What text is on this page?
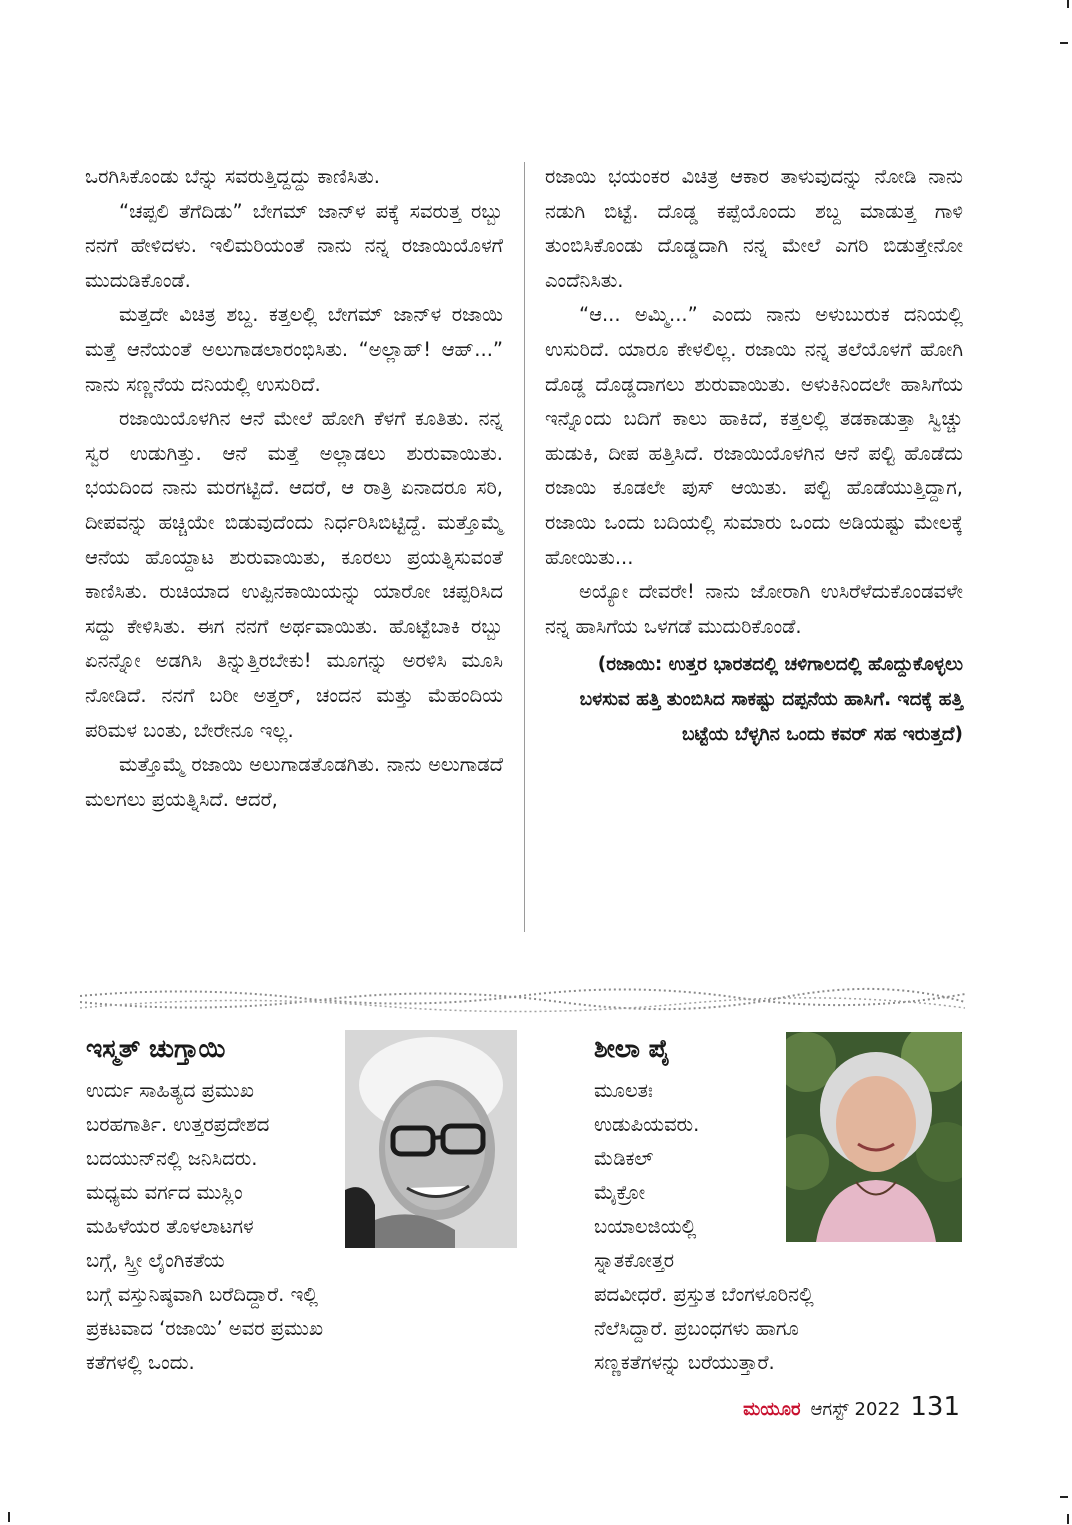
ಒರಗಿಸಿಕೊಂಡು ಬೆನ್ನು ಸವರುತ್ತಿದ್ದದ್ದು ಕಾಣಿಸಿತು.

“ಚಪ್ಪಲಿ ತೆಗೆದಿಡು” ಬೇಗಮ್ ಜಾನ್‌ಳ ಪಕ್ಕೆ ಸವರುತ್ತ ರಬ್ಬು ನನಗೆ ಹೇಳಿದಳು. ಇಲಿಮರಿಯಂತೆ ನಾನು ನನ್ನ ರಜಾಯಿಯೊಳಗೆ ಮುದುಡಿಕೊಂಡೆ.

ಮತ್ತದೇ ವಿಚಿತ್ರ ಶಬ್ದ. ಕತ್ತಲಲ್ಲಿ ಬೇಗಮ್ ಜಾನ್‌ಳ ರಜಾಯಿ ಮತ್ತೆ ಆನೆಯಂತೆ ಅಲುಗಾಡಲಾರಂಭಿಸಿತು. “ಅಲ್ಲಾಹ್! ಆಹ್...” ನಾನು ಸಣ್ಣನೆಯ ದನಿಯಲ್ಲಿ ಉಸುರಿದೆ.

ರಜಾಯಿಯೊಳಗಿನ ಆನೆ ಮೇಲೆ ಹೋಗಿ ಕೆಳಗೆ ಕೂತಿತು. ನನ್ನ ಸ್ವರ ಉಡುಗಿತ್ತು. ಆನೆ ಮತ್ತೆ ಅಲ್ಲಾಡಲು ಶುರುವಾಯಿತು. ಭಯದಿಂದ ನಾನು ಮರಗಟ್ಟಿದೆ. ಆದರೆ, ಆ ರಾತ್ರಿ ಏನಾದರೂ ಸರಿ, ದೀಪವನ್ನು ಹಚ್ಚಿಯೇ ಬಿಡುವುದೆಂದು ನಿರ್ಧರಿಸಿಬಿಟ್ಟಿದ್ದೆ. ಮತ್ತೊಮ್ಮೆ ಆನೆಯ ಹೊಯ್ದಾಟ ಶುರುವಾಯಿತು, ಕೂರಲು ಪ್ರಯತ್ನಿಸುವಂತೆ ಕಾಣಿಸಿತು. ರುಚಿಯಾದ ಉಪ್ಪಿನಕಾಯಿಯನ್ನು ಯಾರೋ ಚಪ್ಪರಿಸಿದ ಸದ್ದು ಕೇಳಿಸಿತು. ಈಗ ನನಗೆ ಅರ್ಥವಾಯಿತು. ಹೊಟ್ಟೆಬಾಕಿ ರಬ್ಬು ಏನನ್ನೋ ಅಡಗಿಸಿ ತಿನ್ನುತ್ತಿರಬೇಕು! ಮೂಗನ್ನು ಅರಳಿಸಿ ಮೂಸಿ ನೋಡಿದೆ. ನನಗೆ ಬರೀ ಅತ್ತರ್, ಚಂದನ ಮತ್ತು ಮೆಹಂದಿಯ ಪರಿಮಳ ಬಂತು, ಬೇರೇನೂ ಇಲ್ಲ.

ಮತ್ತೊಮ್ಮೆ ರಜಾಯಿ ಅಲುಗಾಡತೊಡಗಿತು. ನಾನು ಅಲುಗಾಡದೆ ಮಲಗಲು ಪ್ರಯತ್ನಿಸಿದೆ. ಆದರೆ,

ರಜಾಯಿ ಭಯಂಕರ ವಿಚಿತ್ರ ಆಕಾರ ತಾಳುವುದನ್ನು ನೋಡಿ ನಾನು ನಡುಗಿ ಬಿಟ್ಟೆ. ದೊಡ್ಡ ಕಪ್ಪೆಯೊಂದು ಶಬ್ದ ಮಾಡುತ್ತ ಗಾಳಿ ತುಂಬಿಸಿಕೊಂಡು ದೊಡ್ಡದಾಗಿ ನನ್ನ ಮೇಲೆ ಎಗರಿ ಬಿಡುತ್ತೇನೋ ಎಂದೆನಿಸಿತು.

“ಆ... ಅಮ್ಮಿ...” ಎಂದು ನಾನು ಅಳುಬುರುಕ ದನಿಯಲ್ಲಿ ಉಸುರಿದೆ. ಯಾರೂ ಕೇಳಲಿಲ್ಲ. ರಜಾಯಿ ನನ್ನ ತಲೆಯೊಳಗೆ ಹೋಗಿ ದೊಡ್ಡ ದೊಡ್ಡದಾಗಲು ಶುರುವಾಯಿತು. ಅಳುಕಿನಿಂದಲೇ ಹಾಸಿಗೆಯ ಇನ್ನೊಂದು ಬದಿಗೆ ಕಾಲು ಹಾಕಿದೆ, ಕತ್ತಲಲ್ಲಿ ತಡಕಾಡುತ್ತಾ ಸ್ವಿಚ್ಚು ಹುಡುಕಿ, ದೀಪ ಹತ್ತಿಸಿದೆ. ರಜಾಯಿಯೊಳಗಿನ ಆನೆ ಪಲ್ಟಿ ಹೊಡೆದು ರಜಾಯಿ ಕೂಡಲೇ ಪುಸ್ ಆಯಿತು. ಪಲ್ಟಿ ಹೊಡೆಯುತ್ತಿದ್ದಾಗ, ರಜಾಯಿ ಒಂದು ಬದಿಯಲ್ಲಿ ಸುಮಾರು ಒಂದು ಅಡಿಯಷ್ಟು ಮೇಲಕ್ಕೆ ಹೋಯಿತು...

ಅಯ್ಯೋ ದೇವರೇ! ನಾನು ಜೋರಾಗಿ ಉಸಿರೆಳೆದುಕೊಂಡವಳೇ ನನ್ನ ಹಾಸಿಗೆಯ ಒಳಗಡೆ ಮುದುರಿಕೊಂಡೆ.

(ರಜಾಯಿ: ಉತ್ತರ ಭಾರತದಲ್ಲಿ ಚಳಿಗಾಲದಲ್ಲಿ ಹೊದ್ದುಕೊಳ್ಳಲು ಬಳಸುವ ಹತ್ತಿ ತುಂಬಿಸಿದ ಸಾಕಷ್ಟು ದಪ್ಪನೆಯ ಹಾಸಿಗೆ. ಇದಕ್ಕೆ ಹತ್ತಿ ಬಟ್ಟೆಯ ಬೆಳ್ಳಗಿನ ಒಂದು ಕವರ್ ಸಹ ಇರುತ್ತದೆ)

ಇಸ್ಮತ್ ಚುಗ್ತಾಯಿ
ಉರ್ದು ಸಾಹಿತ್ಯದ ಪ್ರಮುಖ
ಬರಹಗಾರ್ತಿ. ಉತ್ತರಪ್ರದೇಶದ
ಬದಯುನ್‌ನಲ್ಲಿ ಜನಿಸಿದರು.
ಮಧ್ಯಮ ವರ್ಗದ ಮುಸ್ಲಿಂ
ಮಹಿಳೆಯರ ತೊಳಲಾಟಗಳ
ಬಗ್ಗೆ, ಸ್ತ್ರೀ ಲೈಂಗಿಕತೆಯ
ಬಗ್ಗೆ ವಸ್ತುನಿಷ್ಠವಾಗಿ ಬರೆದಿದ್ದಾರೆ. ಇಲ್ಲಿ
ಪ್ರಕಟವಾದ ‘ರಜಾಯಿ’ ಅವರ ಪ್ರಮುಖ
ಕತೆಗಳಲ್ಲಿ ಒಂದು.
ಶೀಲಾ ಪೈ
ಮೂಲತಃ
ಉಡುಪಿಯವರು.
ಮೆಡಿಕಲ್
ಮೈಕ್ರೋ
ಬಯಾಲಜಿಯಲ್ಲಿ
ಸ್ನಾತಕೋತ್ತರ
ಪದವೀಧರೆ. ಪ್ರಸ್ತುತ ಬೆಂಗಳೂರಿನಲ್ಲಿ
ನೆಲೆಸಿದ್ದಾರೆ. ಪ್ರಬಂಧಗಳು ಹಾಗೂ
ಸಣ್ಣಕತೆಗಳನ್ನು ಬರೆಯುತ್ತಾರೆ.
ಮಯೂರ ಆಗಸ್ಟ್ 2022 131
